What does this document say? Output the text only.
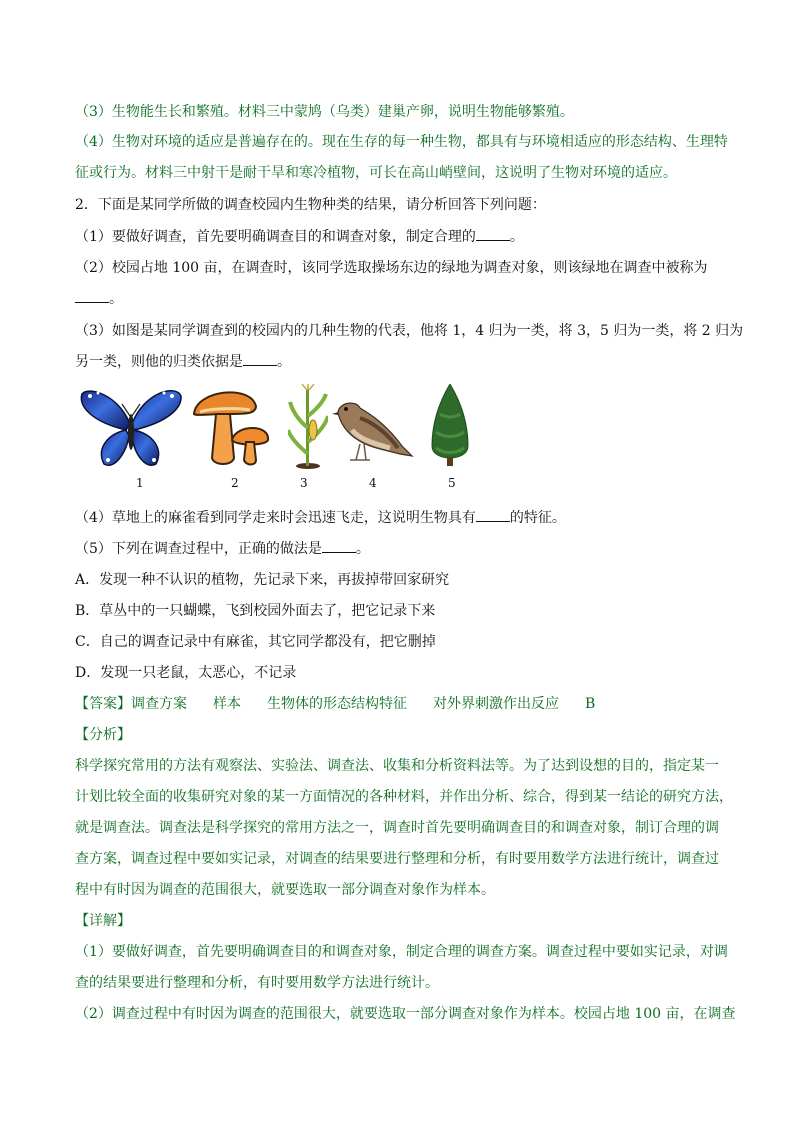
（3）生物能生长和繁殖。材料三中蒙鸠（乌类）建巢产卵，说明生物能够繁殖。
（4）生物对环境的适应是普遍存在的。现在生存的每一种生物，都具有与环境相适应的形态结构、生理特
征或行为。材料三中射干是耐干旱和寒冷植物，可长在高山峭壁间，这说明了生物对环境的适应。
2．下面是某同学所做的调查校园内生物种类的结果，请分析回答下列问题：
（1）要做好调查，首先要明确调查目的和调查对象，制定合理的 。
（2）校园占地 100 亩，在调查时，该同学选取操场东边的绿地为调查对象，则该绿地在调查中被称为
。
（3）如图是某同学调查到的校园内的几种生物的代表，他将 1，4 归为一类，将 3，5 归为一类，将 2 归为
另一类，则他的归类依据是 。
1	2	3	4	5
（4）草地上的麻雀看到同学走来时会迅速飞走，这说明生物具有 的特征。
（5）下列在调查过程中，正确的做法是 。
A．发现一种不认识的植物，先记录下来，再拔掉带回家研究
B．草丛中的一只蝴蝶，飞到校园外面去了，把它记录下来
C．自己的调查记录中有麻雀，其它同学都没有，把它删掉
D．发现一只老鼠，太恶心，不记录
【答案】调查方案 样本 生物体的形态结构特征 对外界刺激作出反应 B
【分析】
科学探究常用的方法有观察法、实验法、调查法、收集和分析资料法等。为了达到设想的目的，指定某一
计划比较全面的收集研究对象的某一方面情况的各种材料，并作出分析、综合，得到某一结论的研究方法，
就是调查法。调查法是科学探究的常用方法之一，调查时首先要明确调查目的和调查对象，制订合理的调
查方案，调查过程中要如实记录，对调查的结果要进行整理和分析，有时要用数学方法进行统计，调查过
程中有时因为调查的范围很大，就要选取一部分调查对象作为样本。
【详解】
（1）要做好调查，首先要明确调查目的和调查对象，制定合理的调查方案。调查过程中要如实记录，对调
查的结果要进行整理和分析，有时要用数学方法进行统计。
（2）调查过程中有时因为调查的范围很大，就要选取一部分调查对象作为样本。校园占地 100 亩，在调查
